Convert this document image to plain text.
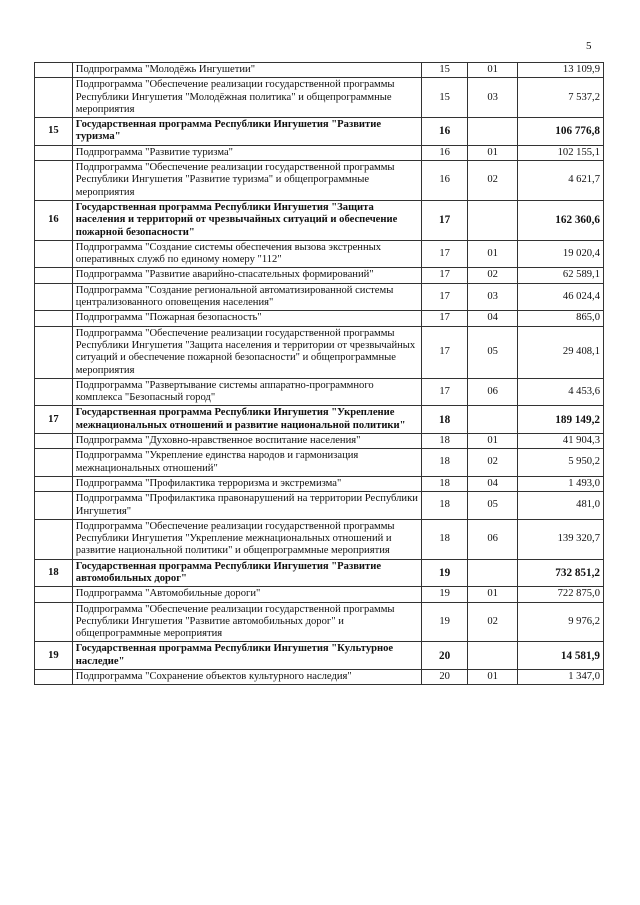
5
	Подпрограмма "Молодёжь Ингушетии"	15	01	13 109,9
	Подпрограмма "Обеспечение реализации государственной программы Республики Ингушетия "Молодёжная политика" и общепрограммные мероприятия	15	03	7 537,2
15	Государственная программа Республики Ингушетия "Развитие туризма"	16		106 776,8
	Подпрограмма "Развитие туризма"	16	01	102 155,1
	Подпрограмма "Обеспечение реализации государственной программы Республики Ингушетия "Развитие туризма" и общепрограммные мероприятия	16	02	4 621,7
16	Государственная программа Республики Ингушетия "Защита населения и территорий от чрезвычайных ситуаций и обеспечение пожарной безопасности"	17		162 360,6
	Подпрограмма "Создание системы обеспечения вызова экстренных оперативных служб по единому номеру "112"	17	01	19 020,4
	Подпрограмма "Развитие аварийно-спасательных формирований"	17	02	62 589,1
	Подпрограмма "Создание региональной автоматизированной системы централизованного оповещения населения"	17	03	46 024,4
	Подпрограмма "Пожарная безопасность"	17	04	865,0
	Подпрограмма "Обеспечение реализации государственной программы Республики Ингушетия "Защита населения и территории от чрезвычайных ситуаций и обеспечение пожарной безопасности" и общепрограммные мероприятия	17	05	29 408,1
	Подпрограмма "Развертывание системы аппаратно-программного комплекса "Безопасный город"	17	06	4 453,6
17	Государственная программа Республики Ингушетия "Укрепление межнациональных отношений и развитие национальной политики"	18		189 149,2
	Подпрограмма "Духовно-нравственное воспитание населения"	18	01	41 904,3
	Подпрограмма "Укрепление единства народов и гармонизация межнациональных отношений"	18	02	5 950,2
	Подпрограмма "Профилактика терроризма и экстремизма"	18	04	1 493,0
	Подпрограмма "Профилактика правонарушений на территории Республики Ингушетия"	18	05	481,0
	Подпрограмма "Обеспечение реализации государственной программы Республики Ингушетия "Укрепление межнациональных отношений и развитие национальной политики" и общепрограммные мероприятия	18	06	139 320,7
18	Государственная программа Республики Ингушетия "Развитие автомобильных дорог"	19		732 851,2
	Подпрограмма "Автомобильные дороги"	19	01	722 875,0
	Подпрограмма "Обеспечение реализации государственной программы Республики Ингушетия "Развитие автомобильных дорог" и общепрограммные мероприятия	19	02	9 976,2
19	Государственная программа Республики Ингушетия "Культурное наследие"	20		14 581,9
	Подпрограмма "Сохранение объектов культурного наследия"	20	01	1 347,0
